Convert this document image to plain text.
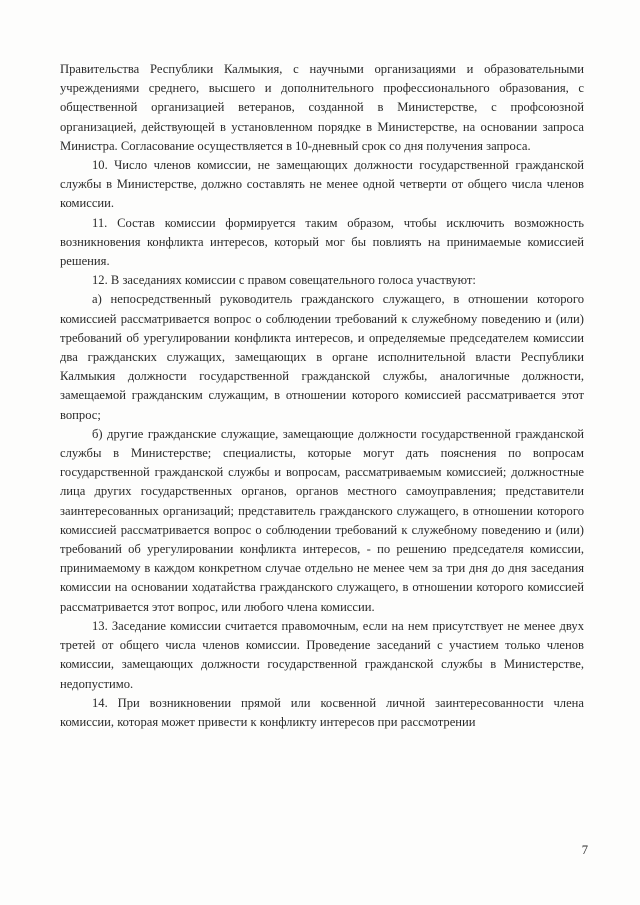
Правительства Республики Калмыкия, с научными организациями и образовательными учреждениями среднего, высшего и дополнительного профессионального образования, с общественной организацией ветеранов, созданной в Министерстве, с профсоюзной организацией, действующей в установленном порядке в Министерстве, на основании запроса Министра. Согласование осуществляется в 10-дневный срок со дня получения запроса.

10. Число членов комиссии, не замещающих должности государственной гражданской службы в Министерстве, должно составлять не менее одной четверти от общего числа членов комиссии.

11. Состав комиссии формируется таким образом, чтобы исключить возможность возникновения конфликта интересов, который мог бы повлиять на принимаемые комиссией решения.

12. В заседаниях комиссии с правом совещательного голоса участвуют:

а) непосредственный руководитель гражданского служащего, в отношении которого комиссией рассматривается вопрос о соблюдении требований к служебному поведению и (или) требований об урегулировании конфликта интересов, и определяемые председателем комиссии два гражданских служащих, замещающих в органе исполнительной власти Республики Калмыкия должности государственной гражданской службы, аналогичные должности, замещаемой гражданским служащим, в отношении которого комиссией рассматривается этот вопрос;

б) другие гражданские служащие, замещающие должности государственной гражданской службы в Министерстве; специалисты, которые могут дать пояснения по вопросам государственной гражданской службы и вопросам, рассматриваемым комиссией; должностные лица других государственных органов, органов местного самоуправления; представители заинтересованных организаций; представитель гражданского служащего, в отношении которого комиссией рассматривается вопрос о соблюдении требований к служебному поведению и (или) требований об урегулировании конфликта интересов, - по решению председателя комиссии, принимаемому в каждом конкретном случае отдельно не менее чем за три дня до дня заседания комиссии на основании ходатайства гражданского служащего, в отношении которого комиссией рассматривается этот вопрос, или любого члена комиссии.

13. Заседание комиссии считается правомочным, если на нем присутствует не менее двух третей от общего числа членов комиссии. Проведение заседаний с участием только членов комиссии, замещающих должности государственной гражданской службы в Министерстве, недопустимо.

14. При возникновении прямой или косвенной личной заинтересованности члена комиссии, которая может привести к конфликту интересов при рассмотрении

7
